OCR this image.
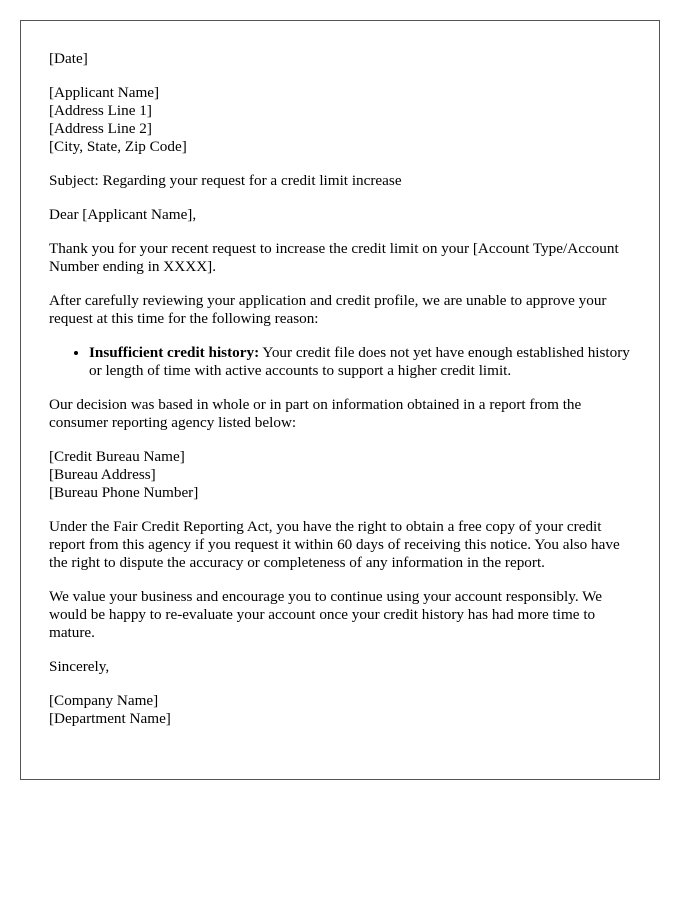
[Date]

[Applicant Name]
[Address Line 1]
[Address Line 2]
[City, State, Zip Code]

Subject: Regarding your request for a credit limit increase

Dear [Applicant Name],

Thank you for your recent request to increase the credit limit on your [Account Type/Account Number ending in XXXX].

After carefully reviewing your application and credit profile, we are unable to approve your request at this time for the following reason:

• Insufficient credit history: Your credit file does not yet have enough established history or length of time with active accounts to support a higher credit limit.

Our decision was based in whole or in part on information obtained in a report from the consumer reporting agency listed below:

[Credit Bureau Name]
[Bureau Address]
[Bureau Phone Number]

Under the Fair Credit Reporting Act, you have the right to obtain a free copy of your credit report from this agency if you request it within 60 days of receiving this notice. You also have the right to dispute the accuracy or completeness of any information in the report.

We value your business and encourage you to continue using your account responsibly. We would be happy to re-evaluate your account once your credit history has had more time to mature.

Sincerely,

[Company Name]
[Department Name]
